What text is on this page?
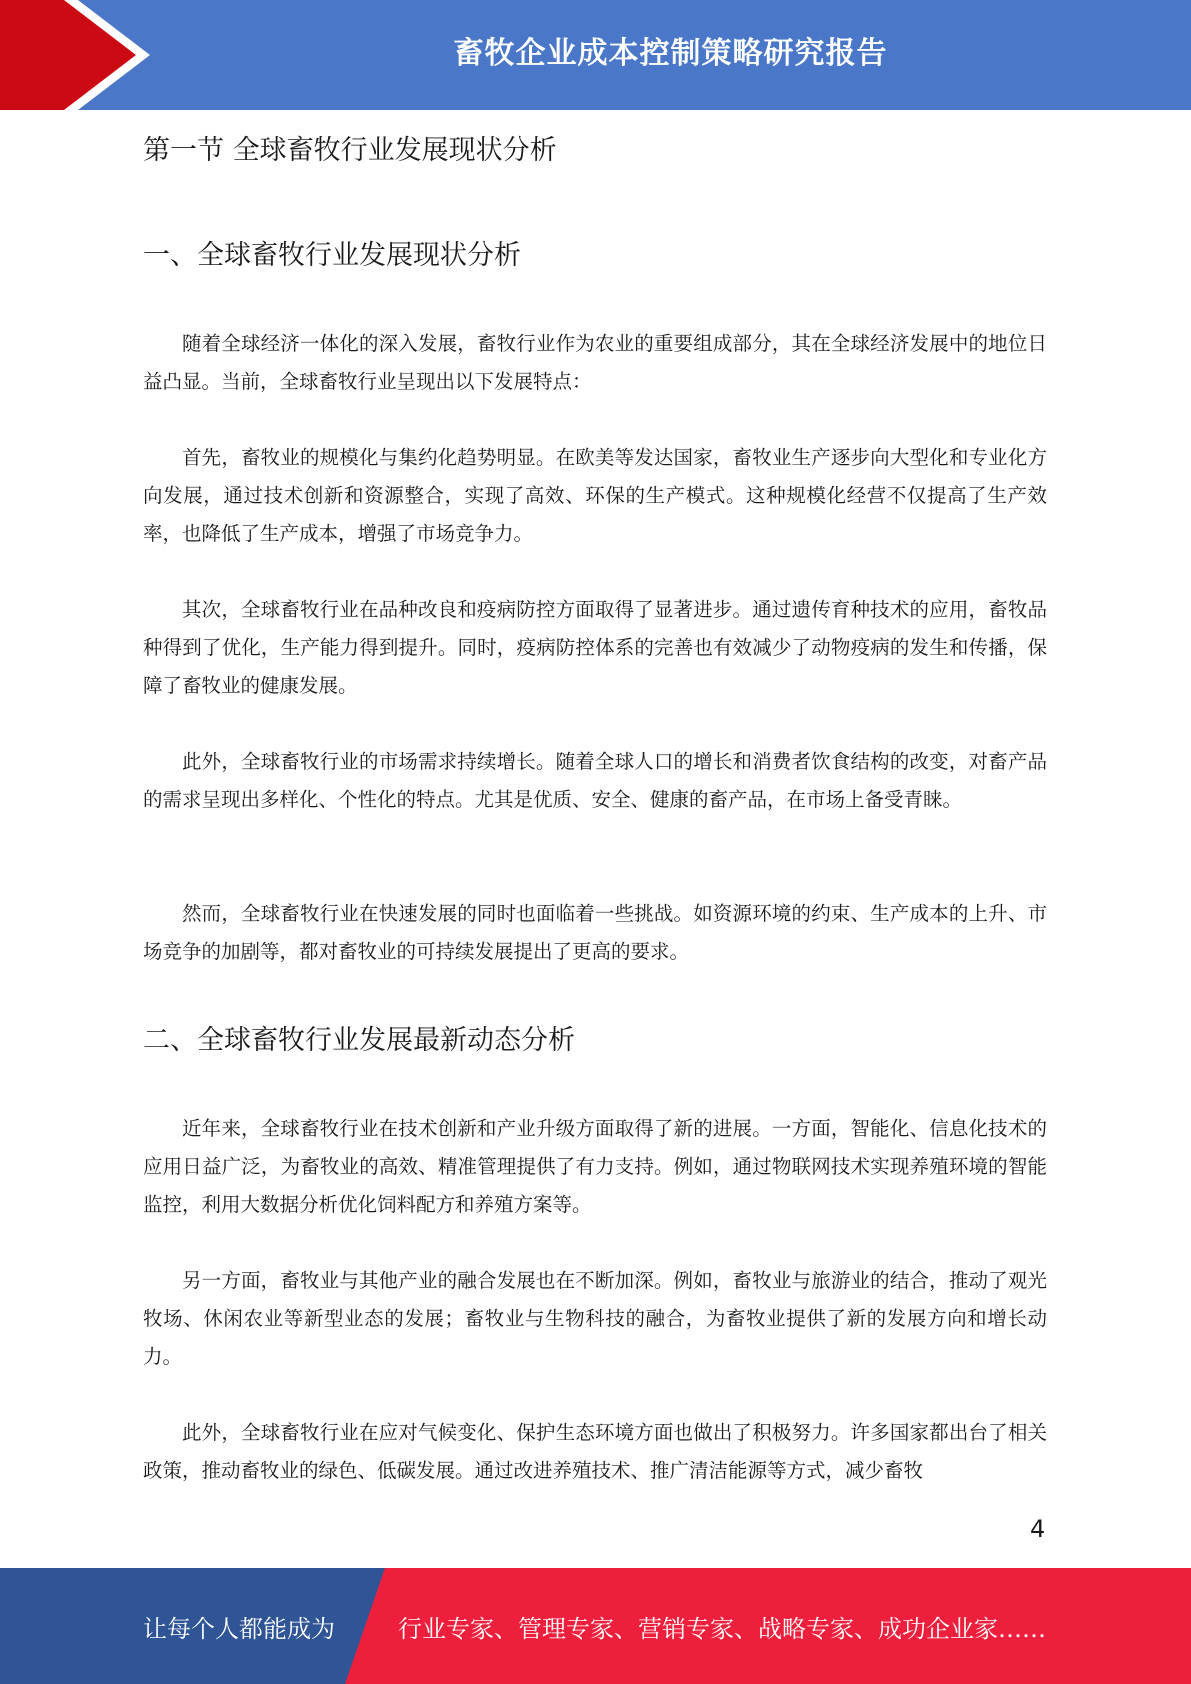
畜牧企业成本控制策略研究报告
第一节 全球畜牧行业发展现状分析
一、全球畜牧行业发展现状分析

随着全球经济一体化的深入发展，畜牧行业作为农业的重要组成部分，其在全球经济发展中的地位日益凸显。当前，全球畜牧行业呈现出以下发展特点：

首先，畜牧业的规模化与集约化趋势明显。在欧美等发达国家，畜牧业生产逐步向大型化和专业化方向发展，通过技术创新和资源整合，实现了高效、环保的生产模式。这种规模化经营不仅提高了生产效率，也降低了生产成本，增强了市场竞争力。

其次，全球畜牧行业在品种改良和疫病防控方面取得了显著进步。通过遗传育种技术的应用，畜牧品种得到了优化，生产能力得到提升。同时，疫病防控体系的完善也有效减少了动物疫病的发生和传播，保障了畜牧业的健康发展。

此外，全球畜牧行业的市场需求持续增长。随着全球人口的增长和消费者饮食结构的改变，对畜产品的需求呈现出多样化、个性化的特点。尤其是优质、安全、健康的畜产品，在市场上备受青睐。

然而，全球畜牧行业在快速发展的同时也面临着一些挑战。如资源环境的约束、生产成本的上升、市场竞争的加剧等，都对畜牧业的可持续发展提出了更高的要求。

二、全球畜牧行业发展最新动态分析

近年来，全球畜牧行业在技术创新和产业升级方面取得了新的进展。一方面，智能化、信息化技术的应用日益广泛，为畜牧业的高效、精准管理提供了有力支持。例如，通过物联网技术实现养殖环境的智能监控，利用大数据分析优化饲料配方和养殖方案等。

另一方面，畜牧业与其他产业的融合发展也在不断加深。例如，畜牧业与旅游业的结合，推动了观光牧场、休闲农业等新型业态的发展；畜牧业与生物科技的融合，为畜牧业提供了新的发展方向和增长动力。

此外，全球畜牧行业在应对气候变化、保护生态环境方面也做出了积极努力。许多国家都出台了相关政策，推动畜牧业的绿色、低碳发展。通过改进养殖技术、推广清洁能源等方式，减少畜牧

4
让每个人都能成为	行业专家、管理专家、营销专家、战略专家、成功企业家……
